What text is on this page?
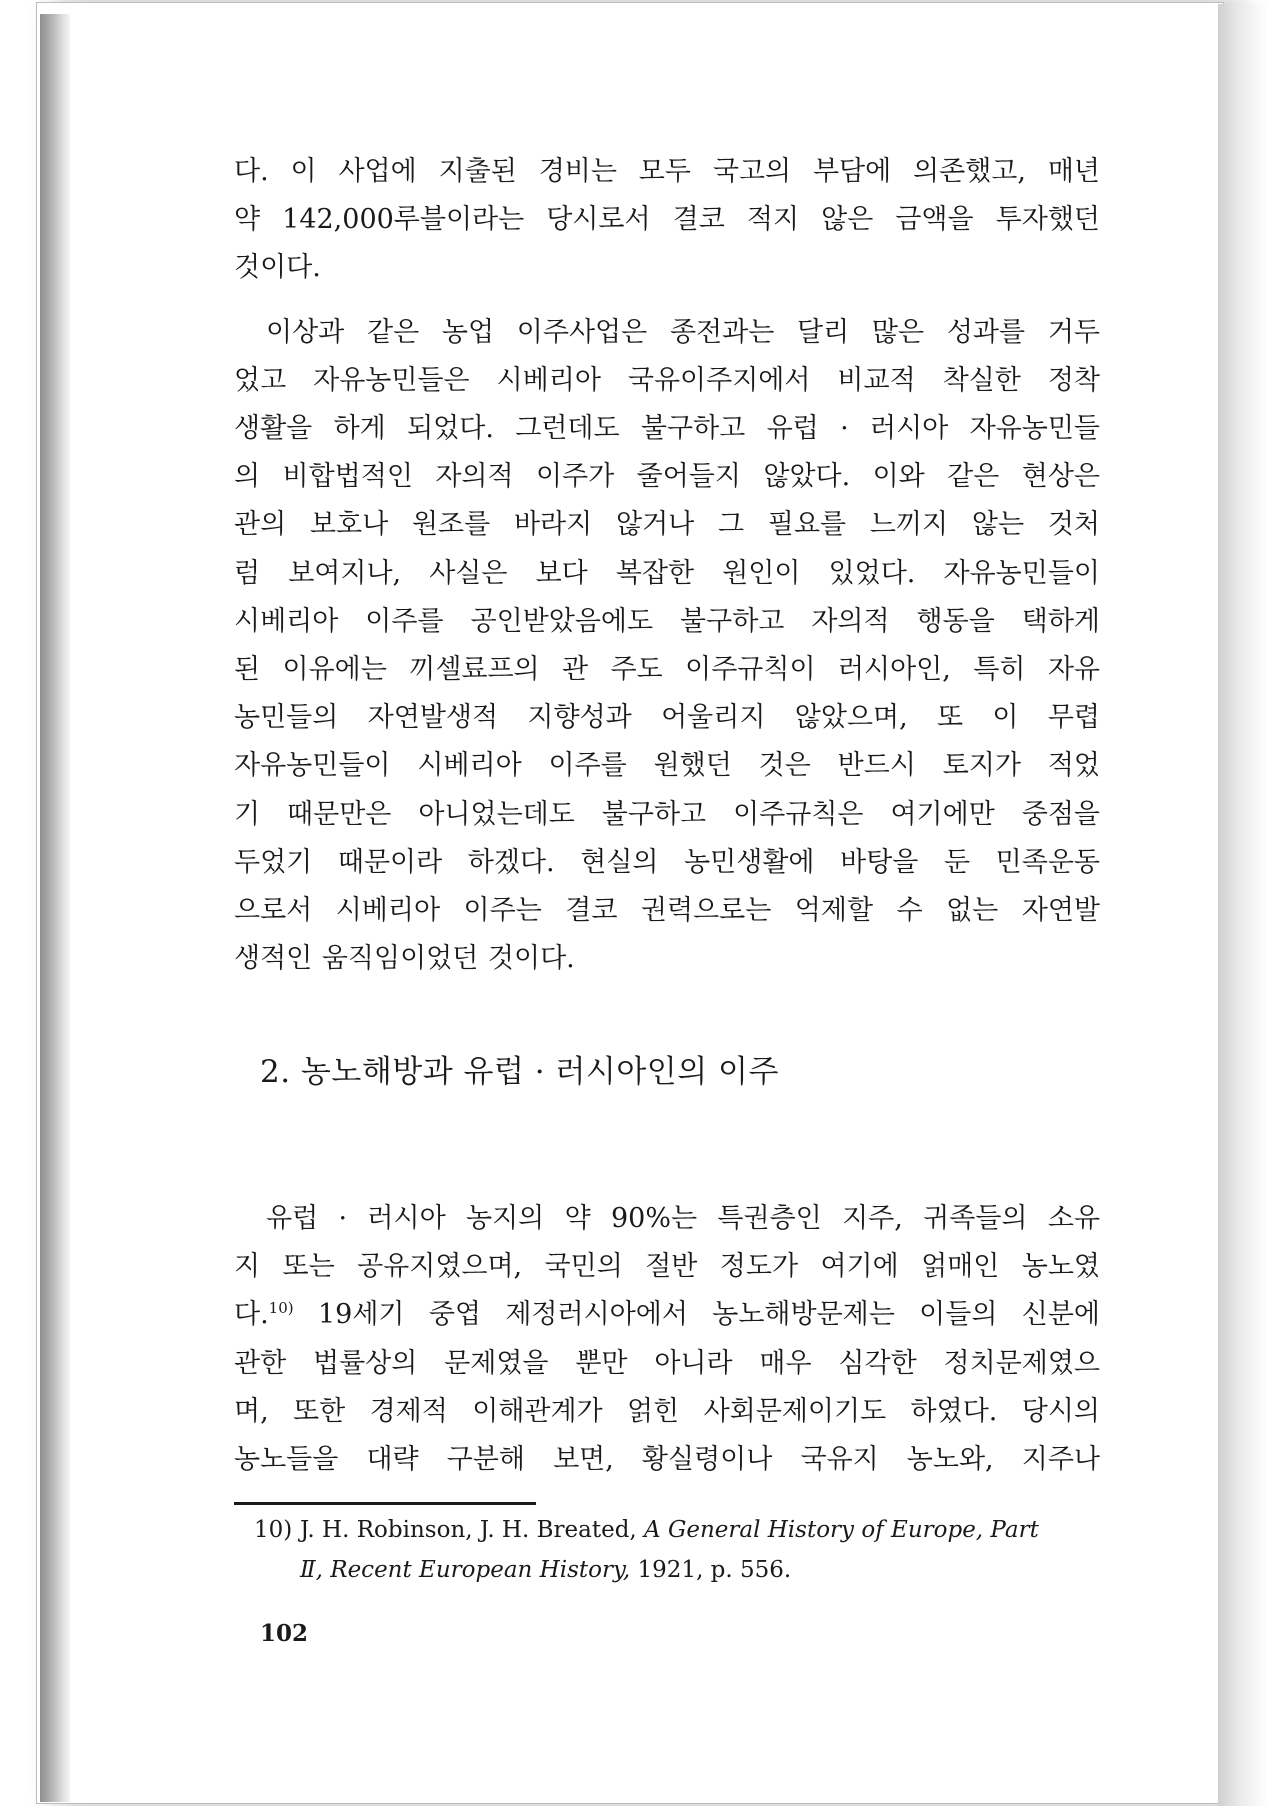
다. 이 사업에 지출된 경비는 모두 국고의 부담에 의존했고, 매년
약 142,000루블이라는 당시로서 결코 적지 않은 금액을 투자했던
것이다.

이상과 같은 농업 이주사업은 종전과는 달리 많은 성과를 거두
었고 자유농민들은 시베리아 국유이주지에서 비교적 착실한 정착
생활을 하게 되었다. 그런데도 불구하고 유럽 · 러시아 자유농민들
의 비합법적인 자의적 이주가 줄어들지 않았다. 이와 같은 현상은
관의 보호나 원조를 바라지 않거나 그 필요를 느끼지 않는 것처
럼 보여지나, 사실은 보다 복잡한 원인이 있었다. 자유농민들이
시베리아 이주를 공인받았음에도 불구하고 자의적 행동을 택하게
된 이유에는 끼셀료프의 관 주도 이주규칙이 러시아인, 특히 자유
농민들의 자연발생적 지향성과 어울리지 않았으며, 또 이 무렵
자유농민들이 시베리아 이주를 원했던 것은 반드시 토지가 적었
기 때문만은 아니었는데도 불구하고 이주규칙은 여기에만 중점을
두었기 때문이라 하겠다. 현실의 농민생활에 바탕을 둔 민족운동
으로서 시베리아 이주는 결코 권력으로는 억제할 수 없는 자연발
생적인 움직임이었던 것이다.

2. 농노해방과 유럽 · 러시아인의 이주

유럽 · 러시아 농지의 약 90%는 특권층인 지주, 귀족들의 소유
지 또는 공유지였으며, 국민의 절반 정도가 여기에 얽매인 농노였
다.$^{10)}$ 19세기 중엽 제정러시아에서 농노해방문제는 이들의 신분에
관한 법률상의 문제였을 뿐만 아니라 매우 심각한 정치문제였으
며, 또한 경제적 이해관계가 얽힌 사회문제이기도 하였다. 당시의
농노들을 대략 구분해 보면, 황실령이나 국유지 농노와, 지주나

10) J. H. Robinson, J. H. Breated, A General History of Europe, Part
Ⅱ, Recent European History, 1921, p. 556.
102
